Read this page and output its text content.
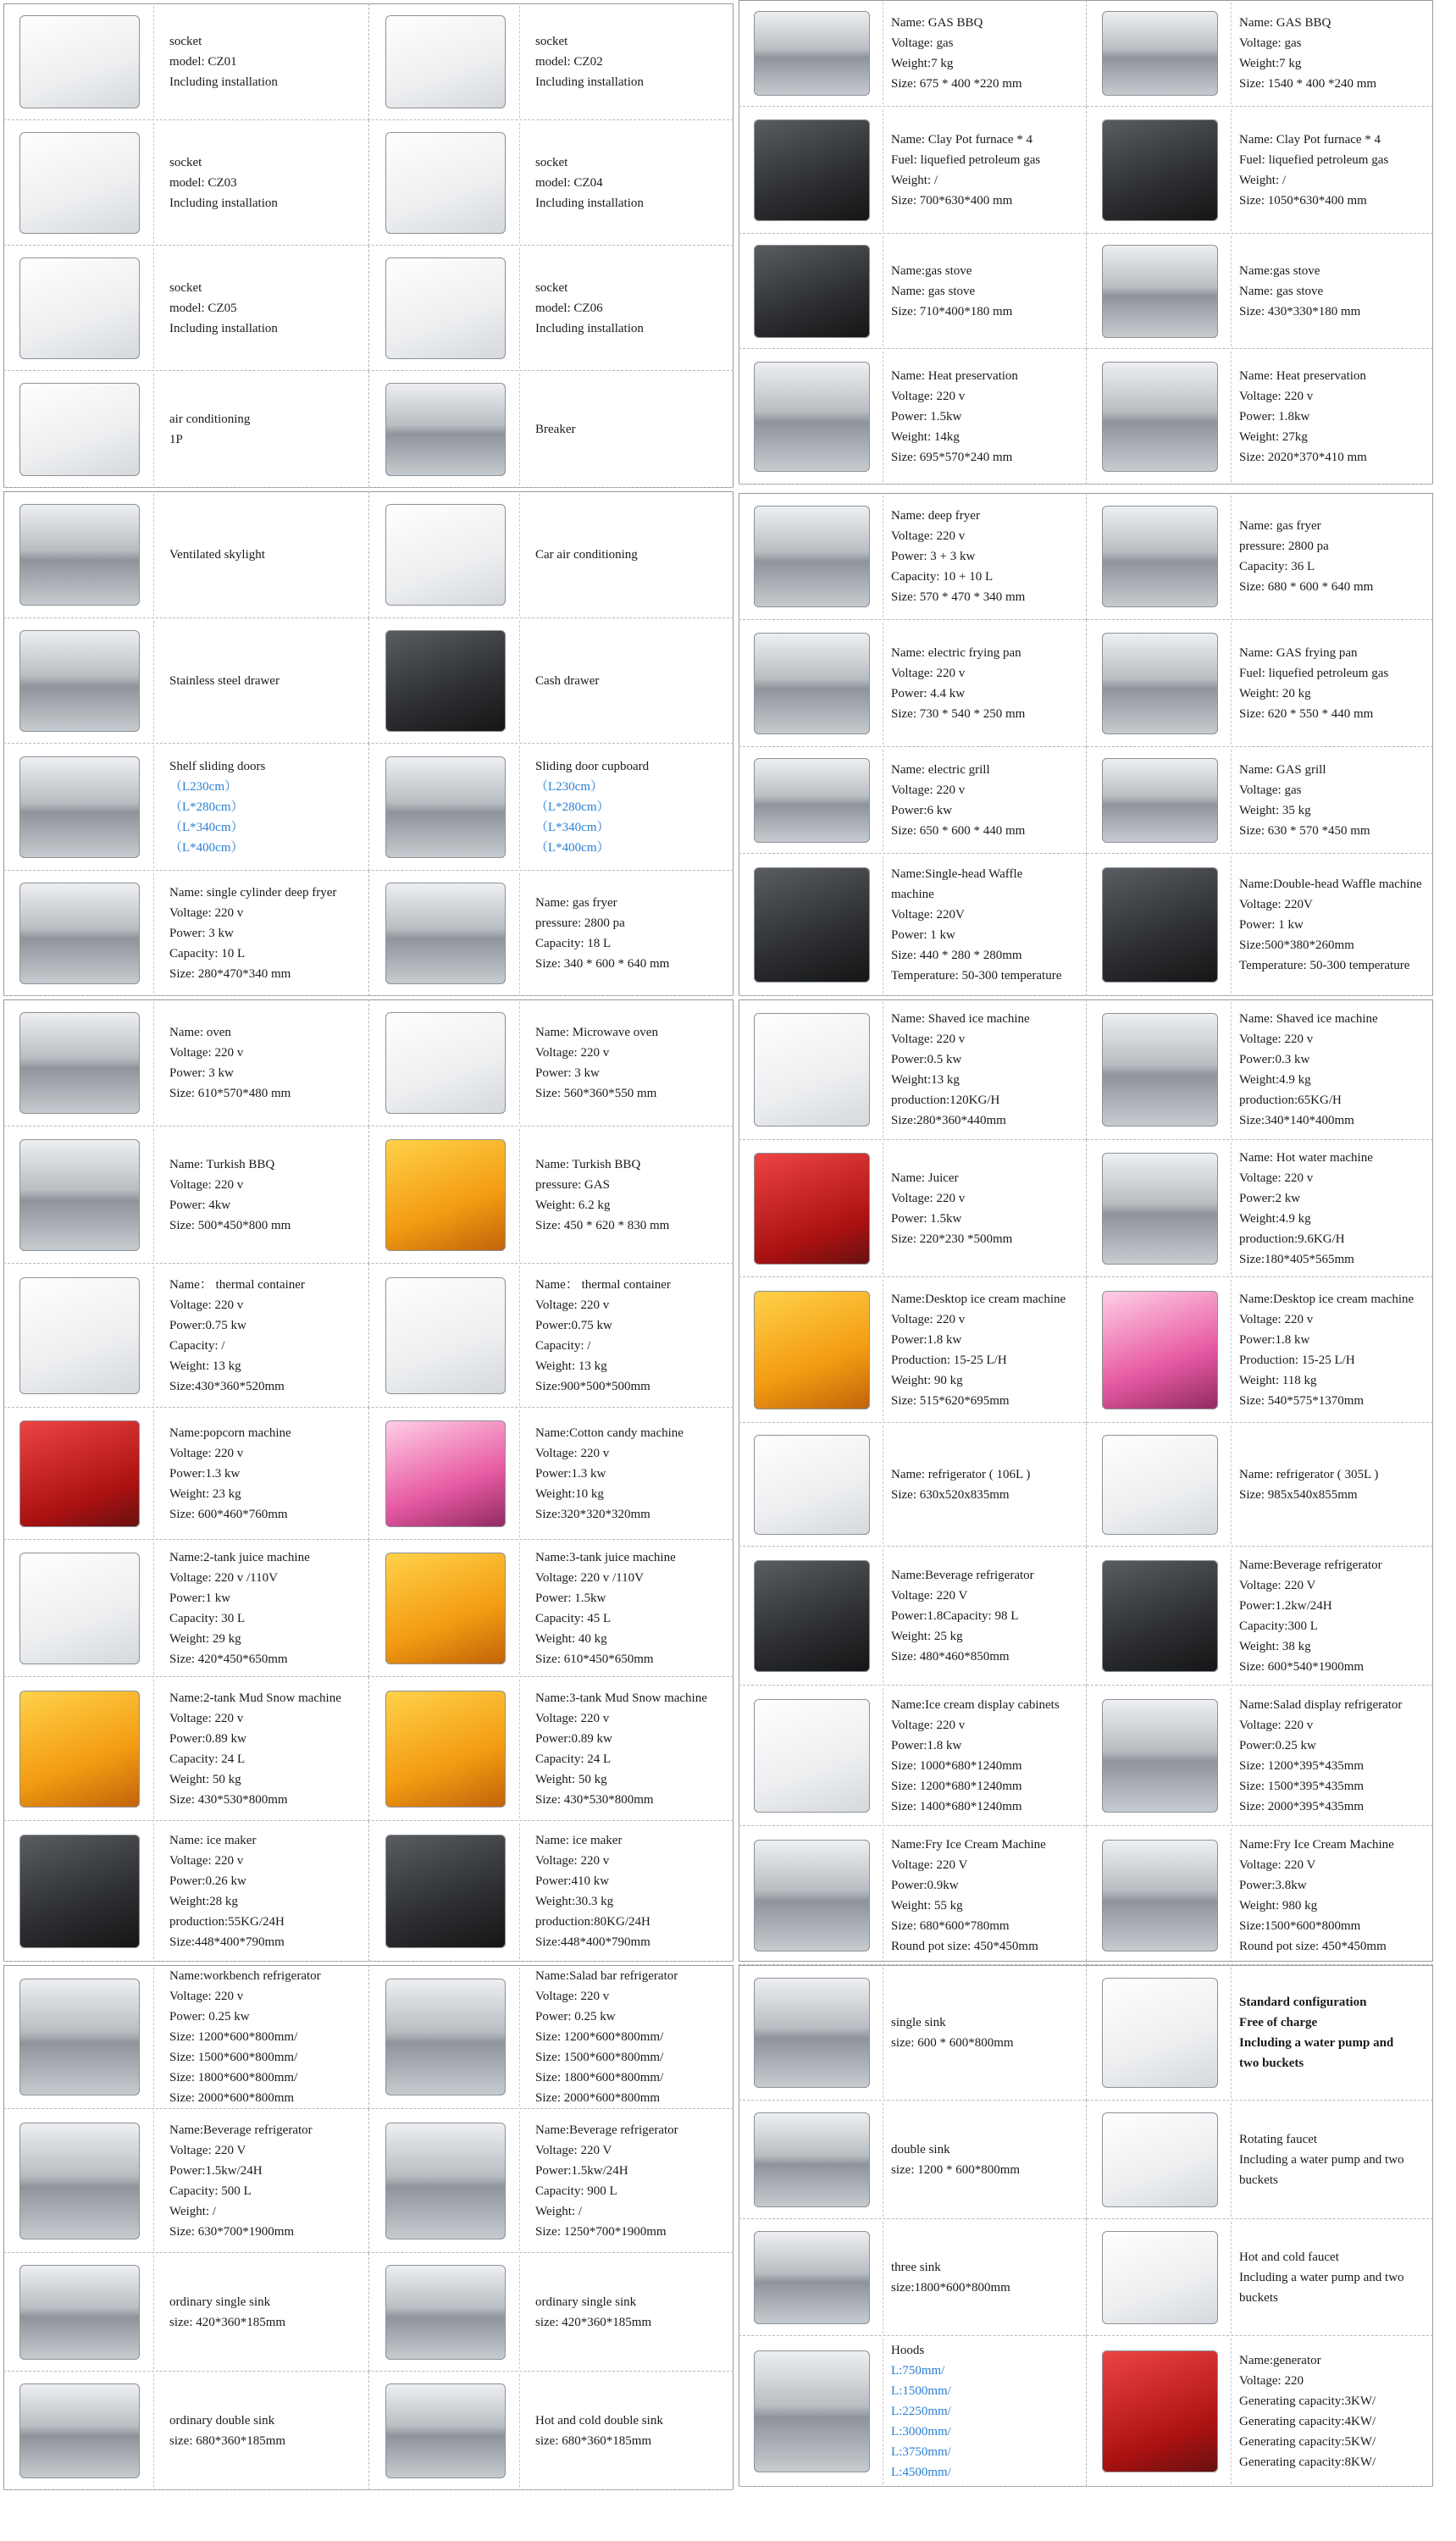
socket
model: CZ01
Including installation
socket
model: CZ02
Including installation
socket
model: CZ03
Including installation
socket
model: CZ04
Including installation
socket
model: CZ05
Including installation
socket
model: CZ06
Including installation
air conditioning
1P
Breaker
Ventilated skylight	Car air conditioning
Stainless steel drawer	Cash drawer
Shelf sliding doors
（L230cm）
（L*280cm）
（L*340cm）
（L*400cm）
Sliding door cupboard
（L230cm）
（L*280cm）
（L*340cm）
（L*400cm）
Name: single cylinder deep fryer
Voltage: 220 v
Power: 3 kw
Capacity: 10 L
Size: 280*470*340 mm
Name: gas fryer
pressure: 2800 pa
Capacity: 18 L
Size: 340 * 600 * 640 mm
Name: oven
Voltage: 220 v
Power: 3 kw
Size: 610*570*480 mm
Name: Microwave oven
Voltage: 220 v
Power: 3 kw
Size: 560*360*550 mm
Name: Turkish BBQ
Voltage: 220 v
Power: 4kw
Size: 500*450*800 mm
Name: Turkish BBQ
pressure: GAS
Weight: 6.2 kg
Size: 450 * 620 * 830 mm
Name： thermal container
Voltage: 220 v
Power:0.75 kw
Capacity: /
Weight: 13 kg
Size:430*360*520mm
Name： thermal container
Voltage: 220 v
Power:0.75 kw
Capacity: /
Weight: 13 kg
Size:900*500*500mm
Name:popcorn machine
Voltage: 220 v
Power:1.3 kw
Weight: 23 kg
Size: 600*460*760mm
Name:Cotton candy machine
Voltage: 220 v
Power:1.3 kw
Weight:10 kg
Size:320*320*320mm
Name:2-tank juice machine
Voltage: 220 v /110V
Power:1 kw
Capacity: 30 L
Weight: 29 kg
Size: 420*450*650mm
Name:3-tank juice machine
Voltage: 220 v /110V
Power: 1.5kw
Capacity: 45 L
Weight: 40 kg
Size: 610*450*650mm
Name:2-tank Mud Snow machine
Voltage: 220 v
Power:0.89 kw
Capacity: 24 L
Weight: 50 kg
Size: 430*530*800mm
Name:3-tank Mud Snow machine
Voltage: 220 v
Power:0.89 kw
Capacity: 24 L
Weight: 50 kg
Size: 430*530*800mm
Name: ice maker
Voltage: 220 v
Power:0.26 kw
Weight:28 kg
production:55KG/24H
Size:448*400*790mm
Name: ice maker
Voltage: 220 v
Power:410 kw
Weight:30.3 kg
production:80KG/24H
Size:448*400*790mm
Name:workbench refrigerator
Voltage: 220 v
Power: 0.25 kw
Size: 1200*600*800mm/
Size: 1500*600*800mm/
Size: 1800*600*800mm/
Size: 2000*600*800mm
Name:Salad bar refrigerator
Voltage: 220 v
Power: 0.25 kw
Size: 1200*600*800mm/
Size: 1500*600*800mm/
Size: 1800*600*800mm/
Size: 2000*600*800mm
Name:Beverage refrigerator
Voltage: 220 V
Power:1.5kw/24H
Capacity: 500 L
Weight: /
Size: 630*700*1900mm
Name:Beverage refrigerator
Voltage: 220 V
Power:1.5kw/24H
Capacity: 900 L
Weight: /
Size: 1250*700*1900mm
ordinary single sink
size: 420*360*185mm
ordinary single sink
size: 420*360*185mm
ordinary double sink
size: 680*360*185mm
Hot and cold double sink
size: 680*360*185mm
Name: GAS BBQ
Voltage: gas
Weight:7 kg
Size: 675 * 400 *220 mm
Name: GAS BBQ
Voltage: gas
Weight:7 kg
Size: 1540 * 400 *240 mm
Name: Clay Pot furnace * 4
Fuel: liquefied petroleum gas
Weight: /
Size: 700*630*400 mm
Name: Clay Pot furnace * 4
Fuel: liquefied petroleum gas
Weight: /
Size: 1050*630*400 mm
Name:gas stove
Name: gas stove
Size: 710*400*180 mm
Name:gas stove
Name: gas stove
Size: 430*330*180 mm
Name: Heat preservation
Voltage: 220 v
Power: 1.5kw
Weight: 14kg
Size: 695*570*240 mm
Name: Heat preservation
Voltage: 220 v
Power: 1.8kw
Weight: 27kg
Size: 2020*370*410 mm
Name: deep fryer
Voltage: 220 v
Power: 3 + 3 kw
Capacity: 10 + 10 L
Size: 570 * 470 * 340 mm
Name: gas fryer
pressure: 2800 pa
Capacity: 36 L
Size: 680 * 600 * 640 mm
Name: electric frying pan
Voltage: 220 v
Power: 4.4 kw
Size: 730 * 540 * 250 mm
Name: GAS frying pan
Fuel: liquefied petroleum gas
Weight: 20 kg
Size: 620 * 550 * 440 mm
Name: electric grill
Voltage: 220 v
Power:6 kw
Size: 650 * 600 * 440 mm
Name: GAS grill
Voltage: gas
Weight: 35 kg
Size: 630 * 570 *450 mm
Name:Single-head Waffle
machine
Voltage: 220V
Power: 1 kw
Size: 440 * 280 * 280mm
Temperature: 50-300 temperature
Name:Double-head Waffle machine
Voltage: 220V
Power: 1 kw
Size:500*380*260mm
Temperature: 50-300 temperature
Name: Shaved ice machine
Voltage: 220 v
Power:0.5 kw
Weight:13 kg
production:120KG/H
Size:280*360*440mm
Name: Shaved ice machine
Voltage: 220 v
Power:0.3 kw
Weight:4.9 kg
production:65KG/H
Size:340*140*400mm
Name: Juicer
Voltage: 220 v
Power: 1.5kw
Size: 220*230 *500mm
Name: Hot water machine
Voltage: 220 v
Power:2 kw
Weight:4.9 kg
production:9.6KG/H
Size:180*405*565mm
Name:Desktop ice cream machine
Voltage: 220 v
Power:1.8 kw
Production: 15-25 L/H
Weight: 90 kg
Size: 515*620*695mm
Name:Desktop ice cream machine
Voltage: 220 v
Power:1.8 kw
Production: 15-25 L/H
Weight: 118 kg
Size: 540*575*1370mm
Name: refrigerator ( 106L )
Size: 630x520x835mm
Name: refrigerator ( 305L )
Size: 985x540x855mm
Name:Beverage refrigerator
Voltage: 220 V
Power:1.8Capacity: 98 L
Weight: 25 kg
Size: 480*460*850mm
Name:Beverage refrigerator
Voltage: 220 V
Power:1.2kw/24H
Capacity:300 L
Weight: 38 kg
Size: 600*540*1900mm
Name:Ice cream display cabinets
Voltage: 220 v
Power:1.8 kw
Size: 1000*680*1240mm
Size: 1200*680*1240mm
Size: 1400*680*1240mm
Name:Salad display refrigerator
Voltage: 220 v
Power:0.25 kw
Size: 1200*395*435mm
Size: 1500*395*435mm
Size: 2000*395*435mm
Name:Fry Ice Cream Machine
Voltage: 220 V
Power:0.9kw
Weight: 55 kg
Size: 680*600*780mm
Round pot size: 450*450mm
Name:Fry Ice Cream Machine
Voltage: 220 V
Power:3.8kw
Weight: 980 kg
Size:1500*600*800mm
Round pot size: 450*450mm
single sink
size: 600 * 600*800mm
Standard configuration
Free of charge
Including a water pump and
two buckets
double sink
size: 1200 * 600*800mm
Rotating faucet
Including a water pump and two
buckets
three sink
size:1800*600*800mm
Hot and cold faucet
Including a water pump and two
buckets
Hoods
L:750mm/
L:1500mm/
L:2250mm/
L:3000mm/
L:3750mm/
L:4500mm/
Name:generator
Voltage: 220
Generating capacity:3KW/
Generating capacity:4KW/
Generating capacity:5KW/
Generating capacity:8KW/
